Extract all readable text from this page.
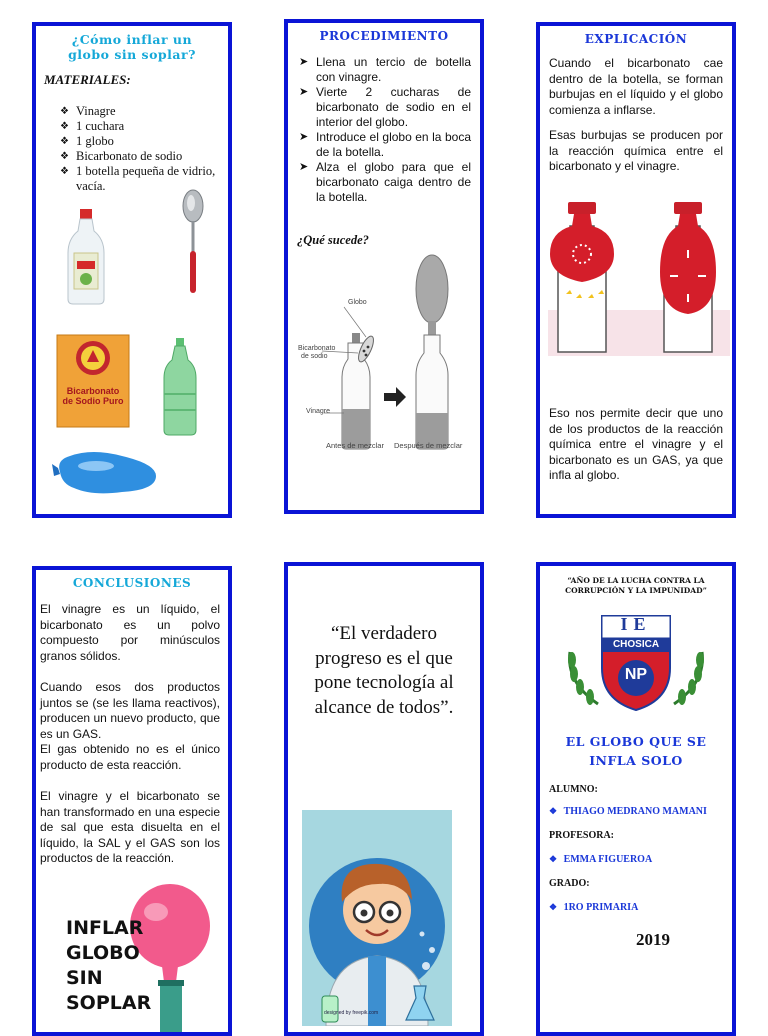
¿Cómo inflar un globo sin soplar?
MATERIALES:
❖ Vinagre
❖ 1 cuchara
❖ 1 globo
❖ Bicarbonato de sodio
❖ 1 botella pequeña de vidrio, vacía.
Bicarbonato
de Sodio Puro
PROCEDIMIENTO
➤ Llena un tercio de botella con vinagre.
➤ Vierte 2 cucharas de bicarbonato de sodio en el interior del globo.
➤ Introduce el globo en la boca de la botella.
➤ Alza el globo para que el bicarbonato caiga dentro de la botella.
¿Qué sucede?
Globo
Bicarbonato
de sodio
Vinagre
Antes de mezclar Después de mezclar
EXPLICACIÓN
Cuando el bicarbonato cae dentro de la botella, se forman burbujas en el líquido y el globo comienza a inflarse.
Esas burbujas se producen por la reacción química entre el bicarbonato y el vinagre.
Eso nos permite decir que uno de los productos de la reacción química entre el vinagre y el bicarbonato es un GAS, ya que infla al globo.
CONCLUSIONES
El vinagre es un líquido, el bicarbonato es un polvo compuesto por minúsculos granos sólidos.
Cuando esos dos productos juntos se (se les llama reactivos), producen un nuevo producto, que es un GAS.
El gas obtenido no es el único producto de esta reacción.
El vinagre y el bicarbonato se han transformado en una especie de sal que esta disuelta en el líquido, la SAL y el GAS son los productos de la reacción.
INFLAR
GLOBO
SIN
SOPLAR
“El verdadero progreso es el que pone tecnología al alcance de todos”.
designed by freepik.com
“AÑO DE LA LUCHA CONTRA LA CORRUPCIÓN Y LA IMPUNIDAD”
IE
CHOSICA
NP
EL GLOBO QUE SE INFLA SOLO
ALUMNO:
❖ THIAGO MEDRANO MAMANI
PROFESORA:
❖ EMMA FIGUEROA
GRADO:
❖ 1RO PRIMARIA
2019
